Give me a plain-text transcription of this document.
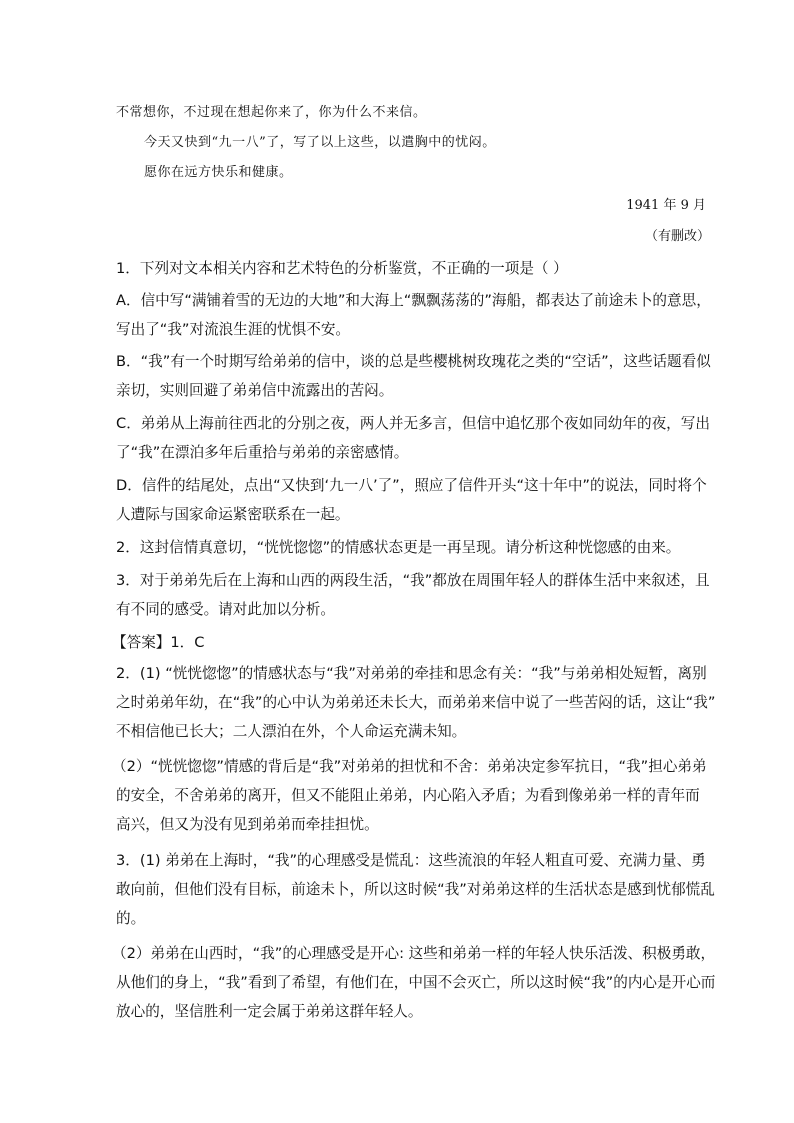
不常想你，不过现在想起你来了，你为什么不来信。
今天又快到“九一八”了，写了以上这些，以遣胸中的忧闷。
愿你在远方快乐和健康。
1941 年 9 月
（有删改）
1．下列对文本相关内容和艺术特色的分析鉴赏，不正确的一项是（ ）
A．信中写“满铺着雪的无边的大地”和大海上“飘飘荡荡的”海船，都表达了前途未卜的意思，
写出了“我”对流浪生涯的忧惧不安。
B．“我”有一个时期写给弟弟的信中，谈的总是些樱桃树玫瑰花之类的“空话”，这些话题看似
亲切，实则回避了弟弟信中流露出的苦闷。
C．弟弟从上海前往西北的分别之夜，两人并无多言，但信中追忆那个夜如同幼年的夜，写出
了“我”在漂泊多年后重拾与弟弟的亲密感情。
D．信件的结尾处，点出“又快到‘九一八’了”，照应了信件开头“这十年中”的说法，同时将个
人遭际与国家命运紧密联系在一起。
2．这封信情真意切，“恍恍惚惚”的情感状态更是一再呈现。请分析这种恍惚感的由来。
3．对于弟弟先后在上海和山西的两段生活，“我”都放在周围年轻人的群体生活中来叙述，且
有不同的感受。请对此加以分析。
【答案】1．C
2．(1) “恍恍惚惚”的情感状态与“我”对弟弟的牵挂和思念有关：“我”与弟弟相处短暂，离别
之时弟弟年幼，在“我”的心中认为弟弟还未长大，而弟弟来信中说了一些苦闷的话，这让“我”
不相信他已长大；二人漂泊在外，个人命运充满未知。
（2）“恍恍惚惚”情感的背后是“我”对弟弟的担忧和不舍：弟弟决定参军抗日，“我”担心弟弟
的安全，不舍弟弟的离开，但又不能阻止弟弟，内心陷入矛盾；为看到像弟弟一样的青年而
高兴，但又为没有见到弟弟而牵挂担忧。
3．(1) 弟弟在上海时，“我”的心理感受是慌乱：这些流浪的年轻人粗直可爱、充满力量、勇
敢向前，但他们没有目标，前途未卜，所以这时候“我”对弟弟这样的生活状态是感到忧郁慌乱
的。
（2）弟弟在山西时，“我”的心理感受是开心: 这些和弟弟一样的年轻人快乐活泼、积极勇敢，
从他们的身上，“我”看到了希望，有他们在，中国不会灭亡，所以这时候“我”的内心是开心而
放心的，坚信胜利一定会属于弟弟这群年轻人。
